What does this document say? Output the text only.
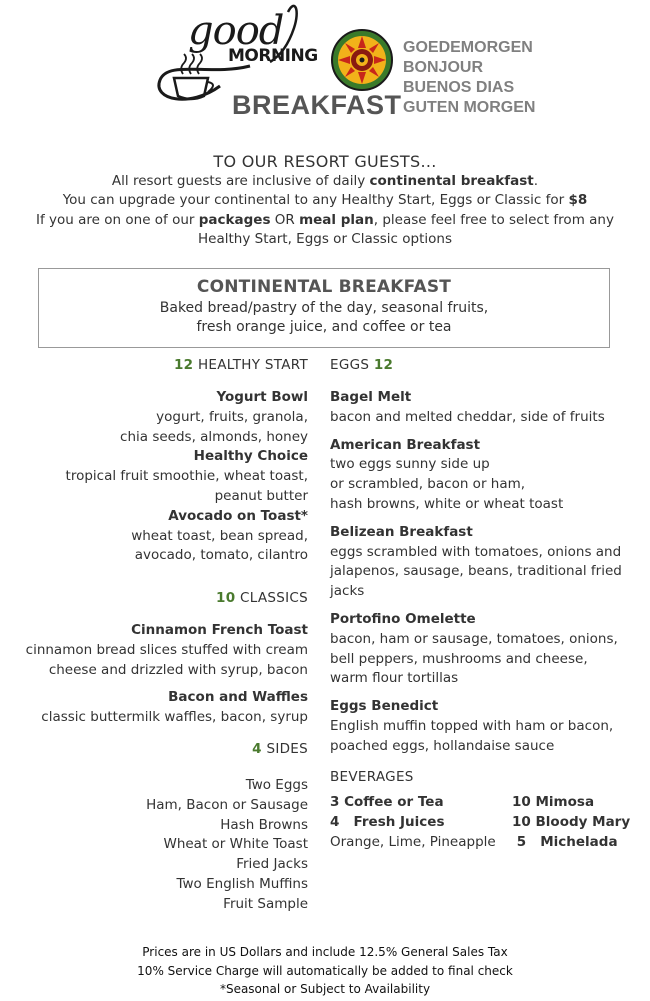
good
MORNING
BREAKFAST
GOEDEMORGEN
BONJOUR
BUENOS DIAS
GUTEN MORGEN
TO OUR RESORT GUESTS...
All resort guests are inclusive of daily continental breakfast.
You can upgrade your continental to any Healthy Start, Eggs or Classic for $8
If you are on one of our packages OR meal plan, please feel free to select from any
Healthy Start, Eggs or Classic options
CONTINENTAL BREAKFAST
Baked bread/pastry of the day, seasonal fruits,
fresh orange juice, and coffee or tea
12 HEALTHY START
Yogurt Bowl
yogurt, fruits, granola,
chia seeds, almonds, honey
Healthy Choice
tropical fruit smoothie, wheat toast,
peanut butter
Avocado on Toast*
wheat toast, bean spread,
avocado, tomato, cilantro
10 CLASSICS
Cinnamon French Toast
cinnamon bread slices stuffed with cream
cheese and drizzled with syrup, bacon
Bacon and Waffles
classic buttermilk waffles, bacon, syrup
4 SIDES
Two Eggs
Ham, Bacon or Sausage
Hash Browns
Wheat or White Toast
Fried Jacks
Two English Muffins
Fruit Sample
EGGS 12
Bagel Melt
bacon and melted cheddar, side of fruits
American Breakfast
two eggs sunny side up
or scrambled, bacon or ham,
hash browns, white or wheat toast
Belizean Breakfast
eggs scrambled with tomatoes, onions and
jalapenos, sausage, beans, traditional fried
jacks
Portofino Omelette
bacon, ham or sausage, tomatoes, onions,
bell peppers, mushrooms and cheese,
warm flour tortillas
Eggs Benedict
English muffin topped with ham or bacon,
poached eggs, hollandaise sauce
BEVERAGES
3 Coffee or Tea
4 Fresh Juices
Orange, Lime, Pineapple
10 Mimosa
10 Bloody Mary
5 Michelada
Prices are in US Dollars and include 12.5% General Sales Tax
10% Service Charge will automatically be added to final check
*Seasonal or Subject to Availability
